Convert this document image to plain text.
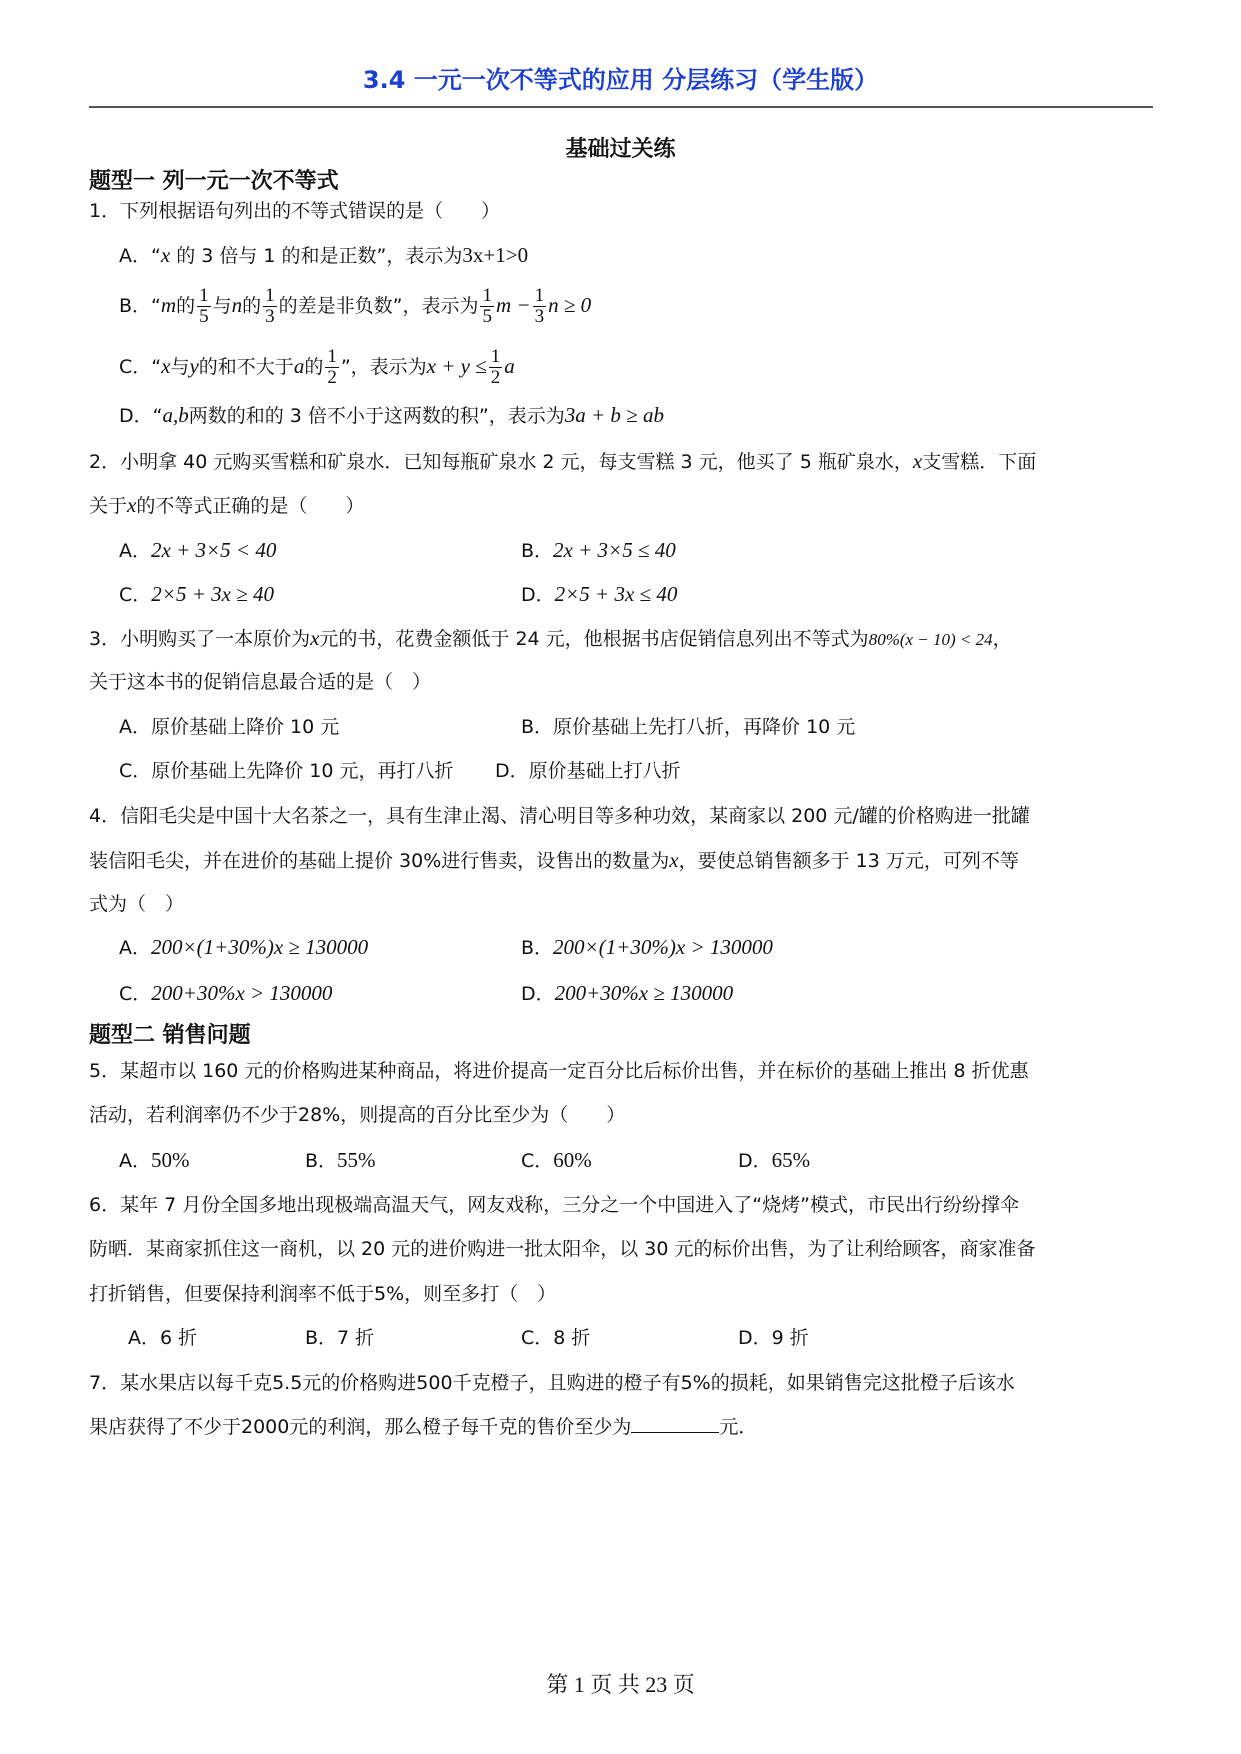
3.4 一元一次不等式的应用 分层练习（学生版）
基础过关练
题型一 列一元一次不等式
1．下列根据语句列出的不等式错误的是（　　）
A．“x 的 3 倍与 1 的和是正数”，表示为3x+1>0
B．“m的 $\frac{1}{5}$ 与n的 $\frac{1}{3}$ 的差是非负数”，表示为 $\frac{1}{5}$ $m - \frac{1}{3}$ n ≥ 0
C．“x与y的和不大于a的 $\frac{1}{2}$ ”，表示为$x + y \le \frac{1}{2}$ a
D．“a,b两数的和的 3 倍不小于这两数的积”，表示为3a + b ≥ ab
2．小明拿 40 元购买雪糕和矿泉水．已知每瓶矿泉水 2 元，每支雪糕 3 元，他买了 5 瓶矿泉水，x支雪糕．下面
关于x的不等式正确的是（　　）
A．2x + 3×5 < 40	B．2x + 3×5 ≤ 40
C．2×5 + 3x ≥ 40	D．2×5 + 3x ≤ 40
3．小明购买了一本原价为x元的书，花费金额低于 24 元，他根据书店促销信息列出不等式为80%(x − 10) < 24，
关于这本书的促销信息最合适的是（　）
A．原价基础上降价 10 元	B．原价基础上先打八折，再降价 10 元
C．原价基础上先降价 10 元，再打八折 D．原价基础上打八折
4．信阳毛尖是中国十大名茶之一，具有生津止渴、清心明目等多种功效，某商家以 200 元/罐的价格购进一批罐
装信阳毛尖，并在进价的基础上提价 30%进行售卖，设售出的数量为x，要使总销售额多于 13 万元，可列不等
式为（　）
A．200×(1+30%)x ≥ 130000	B．200×(1+30%)x > 130000
C．200+30%x > 130000	D．200+30%x ≥ 130000
题型二 销售问题
5．某超市以 160 元的价格购进某种商品，将进价提高一定百分比后标价出售，并在标价的基础上推出 8 折优惠
活动，若利润率仍不少于28%，则提高的百分比至少为（　　）
A．50%	B．55%	C．60%	D．65%
6．某年 7 月份全国多地出现极端高温天气，网友戏称，三分之一个中国进入了“烧烤”模式，市民出行纷纷撑伞
防晒．某商家抓住这一商机，以 20 元的进价购进一批太阳伞，以 30 元的标价出售，为了让利给顾客，商家准备
打折销售，但要保持利润率不低于5%，则至多打（　）
A．6 折	B．7 折	C．8 折	D．9 折
7．某水果店以每千克5.5元的价格购进500千克橙子，且购进的橙子有5%的损耗，如果销售完这批橙子后该水
果店获得了不少于2000元的利润，那么橙子每千克的售价至少为	元．
第 1 页 共 23 页
